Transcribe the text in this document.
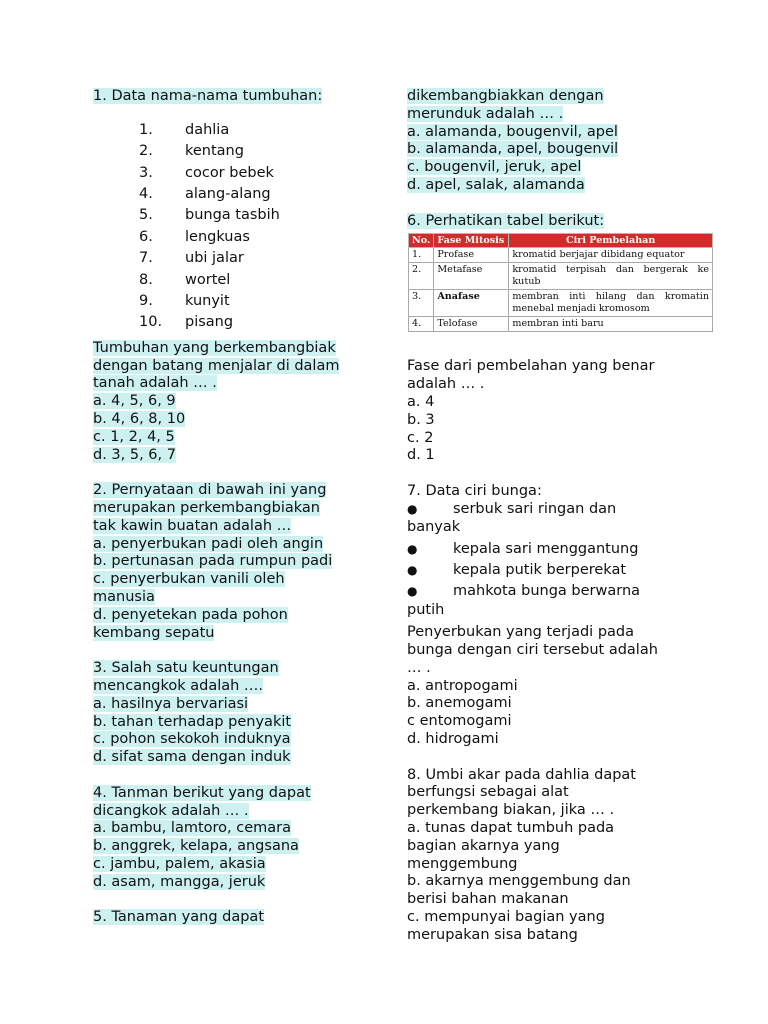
1. Data nama-nama tumbuhan:
1.	dahlia
2.	kentang
3.	cocor bebek
4.	alang-alang
5.	bunga tasbih
6.	lengkuas
7.	ubi jalar
8.	wortel
9.	kunyit
10.	pisang
Tumbuhan yang berkembangbiak
dengan batang menjalar di dalam
tanah adalah … .
a. 4, 5, 6, 9
b. 4, 6, 8, 10
c. 1, 2, 4, 5
d. 3, 5, 6, 7
2. Pernyataan di bawah ini yang
merupakan perkembangbiakan
tak kawin buatan adalah …
a. penyerbukan padi oleh angin
b. pertunasan pada rumpun padi
c. penyerbukan vanili oleh
manusia
d. penyetekan pada pohon
kembang sepatu
3. Salah satu keuntungan
mencangkok adalah ….
a. hasilnya bervariasi
b. tahan terhadap penyakit
c. pohon sekokoh induknya
d. sifat sama dengan induk
4. Tanman berikut yang dapat
dicangkok adalah … .
a. bambu, lamtoro, cemara
b. anggrek, kelapa, angsana
c. jambu, palem, akasia
d. asam, mangga, jeruk
5. Tanaman yang dapat
dikembangbiakkan dengan
merunduk adalah … .
a. alamanda, bougenvil, apel
b. alamanda, apel, bougenvil
c. bougenvil, jeruk, apel
d. apel, salak, alamanda
6. Perhatikan tabel berikut:
No.	Fase Mitosis	Ciri Pembelahan
1.	Profase	kromatid berjajar dibidang equator
2.	Metafase	kromatid terpisah dan bergerak ke kutub
3.	Anafase	membran inti hilang dan kromatin menebal menjadi kromosom
4.	Telofase	membran inti baru
Fase dari pembelahan yang benar
adalah … .
a. 4
b. 3
c. 2
d. 1
7. Data ciri bunga:
●	serbuk sari ringan dan
banyak
●	kepala sari menggantung
●	kepala putik berperekat
●	mahkota bunga berwarna
putih
Penyerbukan yang terjadi pada
bunga dengan ciri tersebut adalah
… .
a. antropogami
b. anemogami
c entomogami
d. hidrogami
8. Umbi akar pada dahlia dapat
berfungsi sebagai alat
perkembang biakan, jika … .
a. tunas dapat tumbuh pada
bagian akarnya yang
menggembung
b. akarnya menggembung dan
berisi bahan makanan
c. mempunyai bagian yang
merupakan sisa batang
